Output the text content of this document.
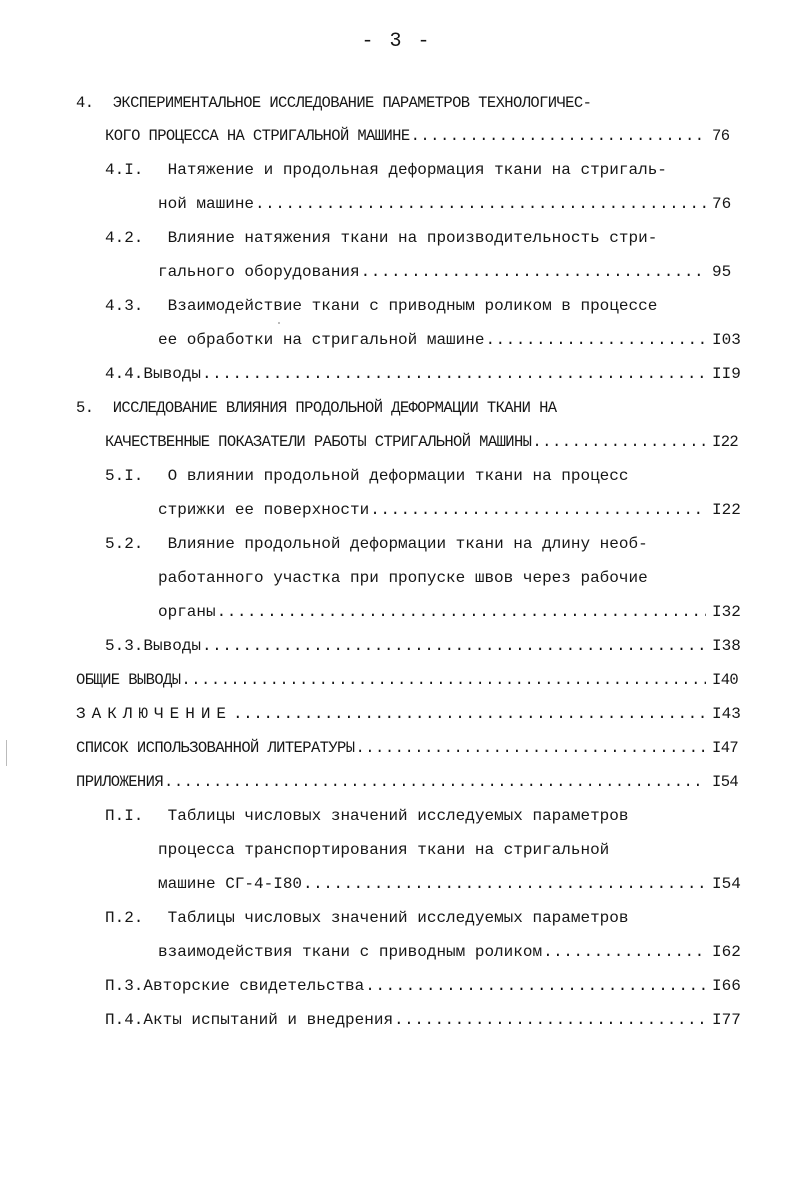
- 3 -
4. ЭКСПЕРИМЕНТАЛЬНОЕ ИССЛЕДОВАНИЕ ПАРАМЕТРОВ ТЕХНОЛОГИЧЕС-
КОГО ПРОЦЕССА НА СТРИГАЛЬНОЙ МАШИНЕ .....	76
4.I. Натяжение и продольная деформация ткани на стригаль-
ной машине .....	76
4.2. Влияние натяжения ткани на производительность стри-
гального оборудования .....	95
4.3. Взаимодействие ткани с приводным роликом в процессе
ее обработки на стригальной машине .....	I03
4.4. Выводы .....	II9
5. ИССЛЕДОВАНИЕ ВЛИЯНИЯ ПРОДОЛЬНОЙ ДЕФОРМАЦИИ ТКАНИ НА
КАЧЕСТВЕННЫЕ ПОКАЗАТЕЛИ РАБОТЫ СТРИГАЛЬНОЙ МАШИНЫ .....	I22
5.I. О влиянии продольной деформации ткани на процесс
стрижки ее поверхности .....	I22
5.2. Влияние продольной деформации ткани на длину необ-
работанного участка при пропуске швов через рабочие
органы .....	I32
5.3. Выводы .....	I38
ОБЩИЕ ВЫВОДЫ .....	I40
ЗАКЛЮЧЕНИЕ .....	I43
СПИСОК ИСПОЛЬЗОВАННОЙ ЛИТЕРАТУРЫ .....	I47
ПРИЛОЖЕНИЯ .....	I54
П.I. Таблицы числовых значений исследуемых параметров
процесса транспортирования ткани на стригальной
машине СГ-4-I80 .....	I54
П.2. Таблицы числовых значений исследуемых параметров
взаимодействия ткани с приводным роликом .....	I62
П.3. Авторские свидетельства .....	I66
П.4. Акты испытаний и внедрения .....	I77
